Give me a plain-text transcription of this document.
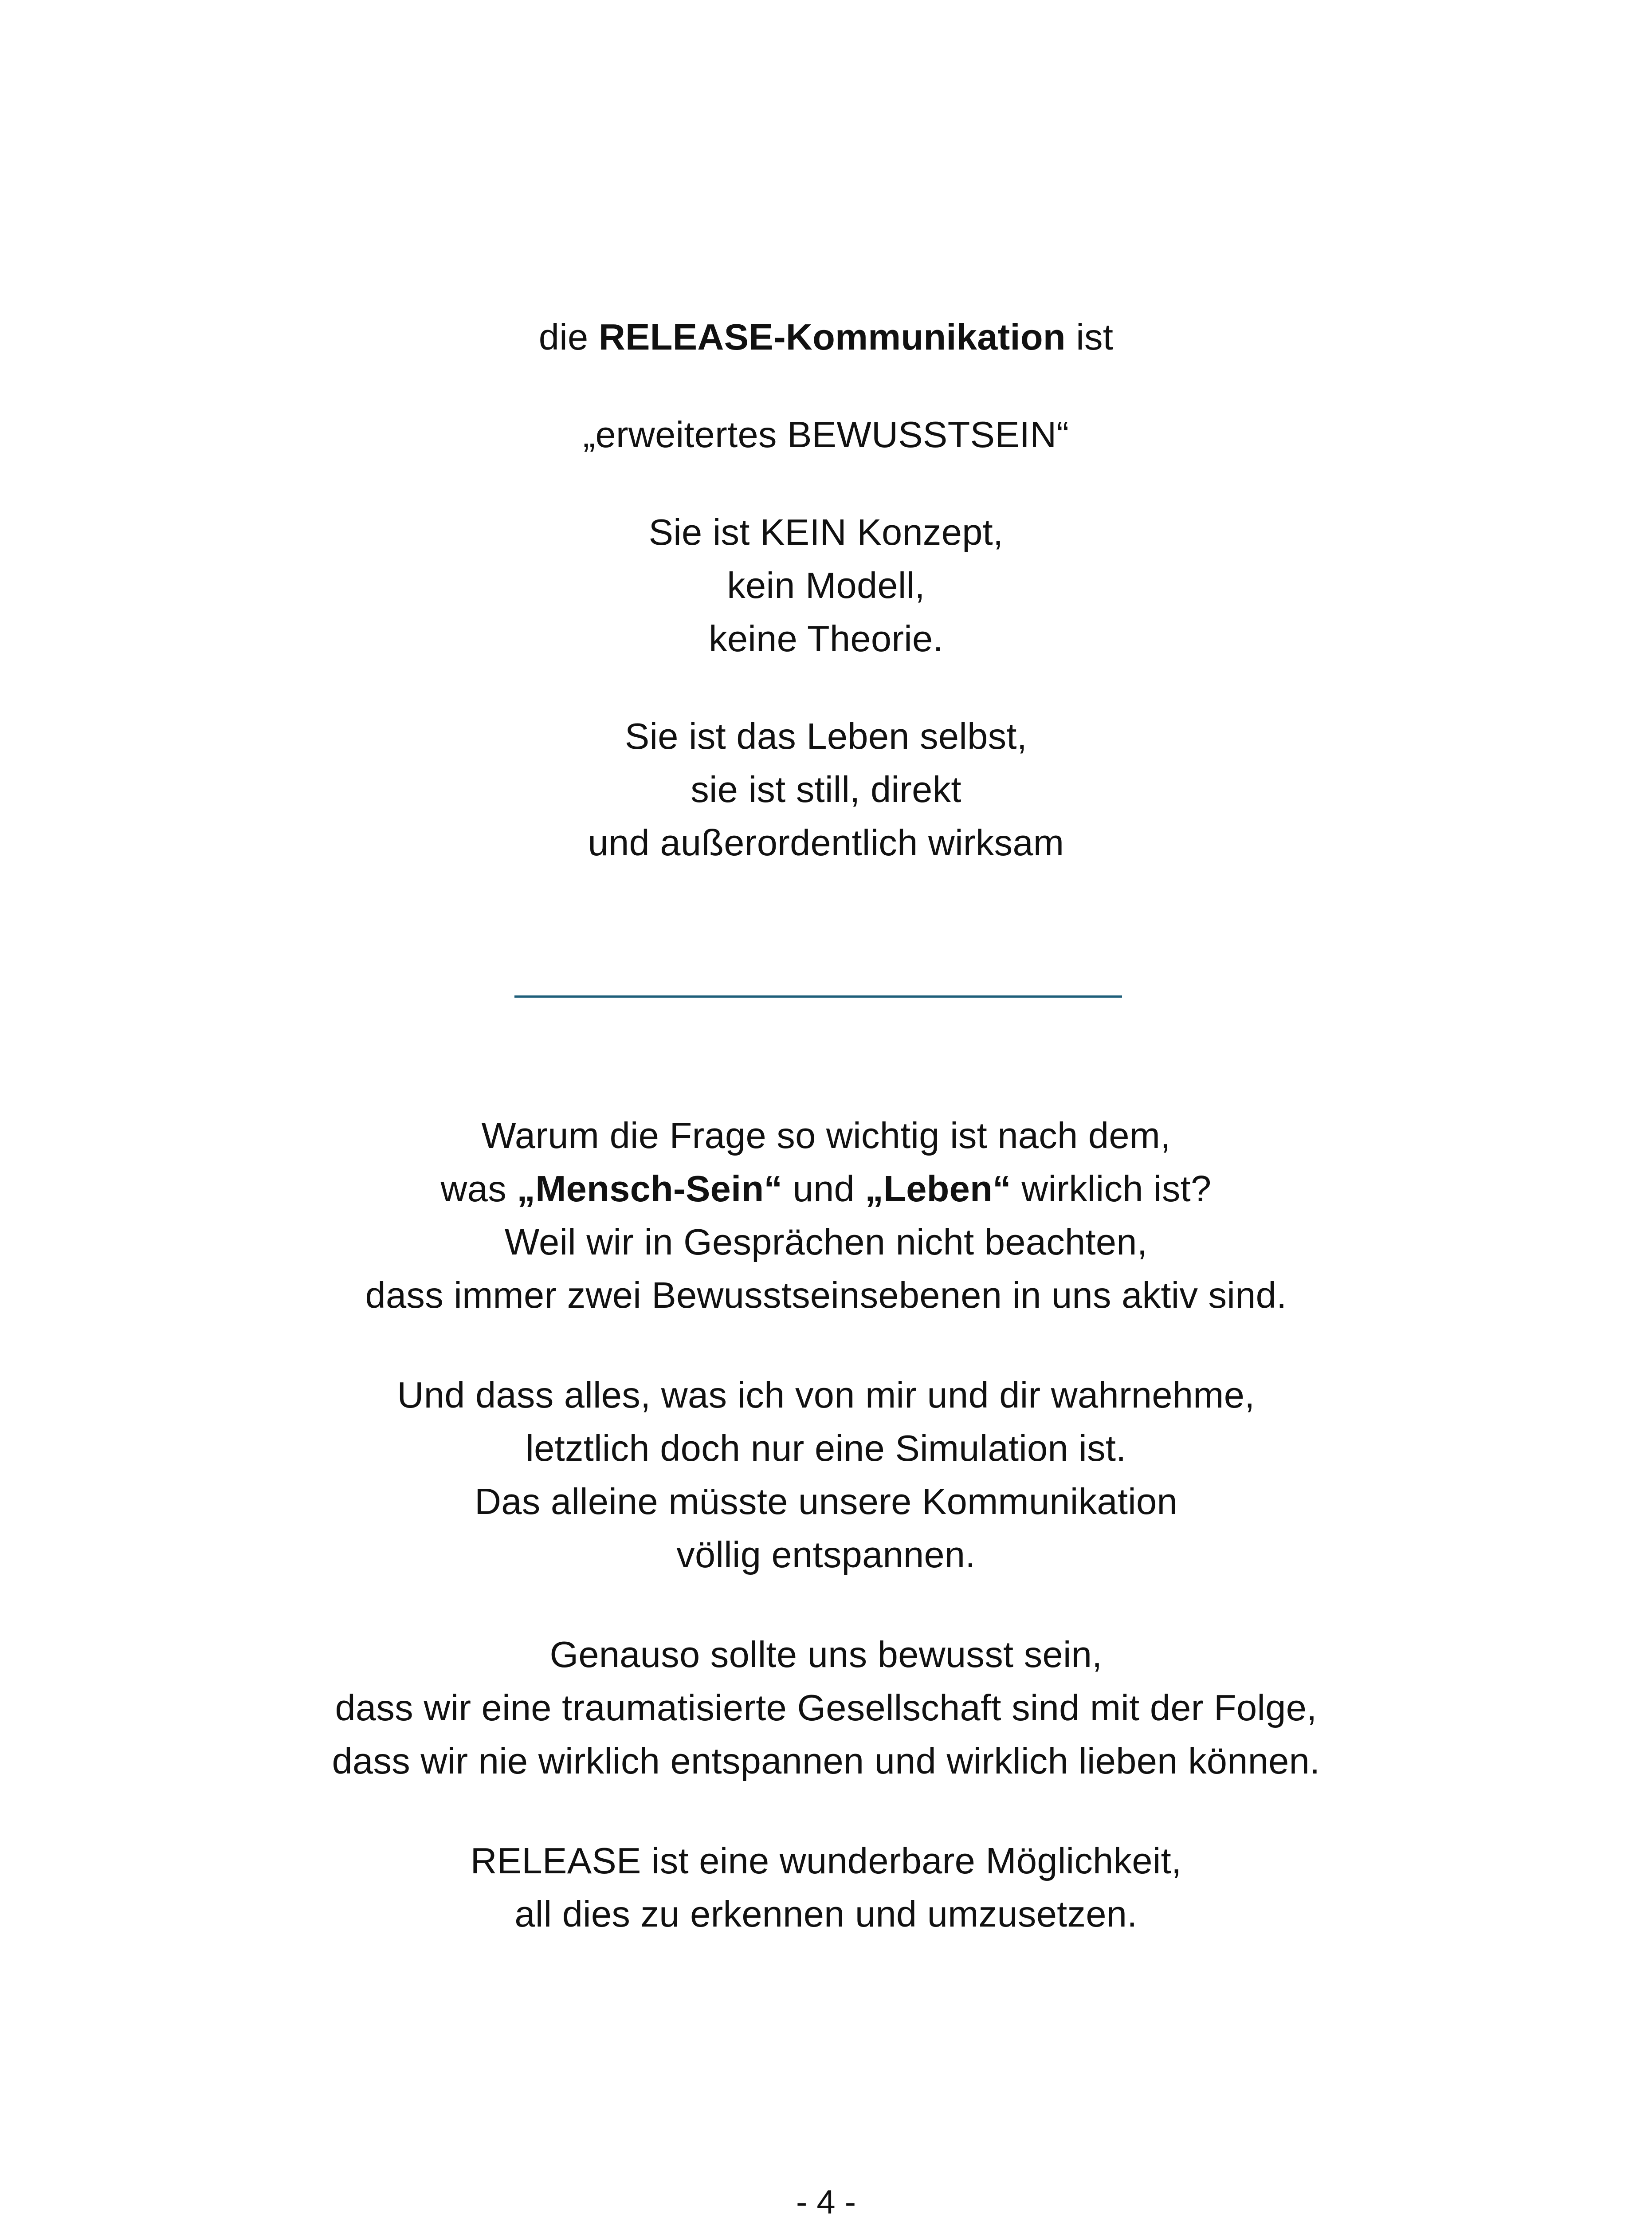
die RELEASE-Kommunikation ist
„erweitertes BEWUSSTSEIN“
Sie ist KEIN Konzept,
kein Modell,
keine Theorie.
Sie ist das Leben selbst,
sie ist still, direkt
und außerordentlich wirksam
Warum die Frage so wichtig ist nach dem,
was „Mensch-Sein“ und „Leben“ wirklich ist?
Weil wir in Gesprächen nicht beachten,
dass immer zwei Bewusstseinsebenen in uns aktiv sind.
Und dass alles, was ich von mir und dir wahrnehme,
letztlich doch nur eine Simulation ist.
Das alleine müsste unsere Kommunikation
völlig entspannen.
Genauso sollte uns bewusst sein,
dass wir eine traumatisierte Gesellschaft sind mit der Folge,
dass wir nie wirklich entspannen und wirklich lieben können.
RELEASE ist eine wunderbare Möglichkeit,
all dies zu erkennen und umzusetzen.
- 4 -
